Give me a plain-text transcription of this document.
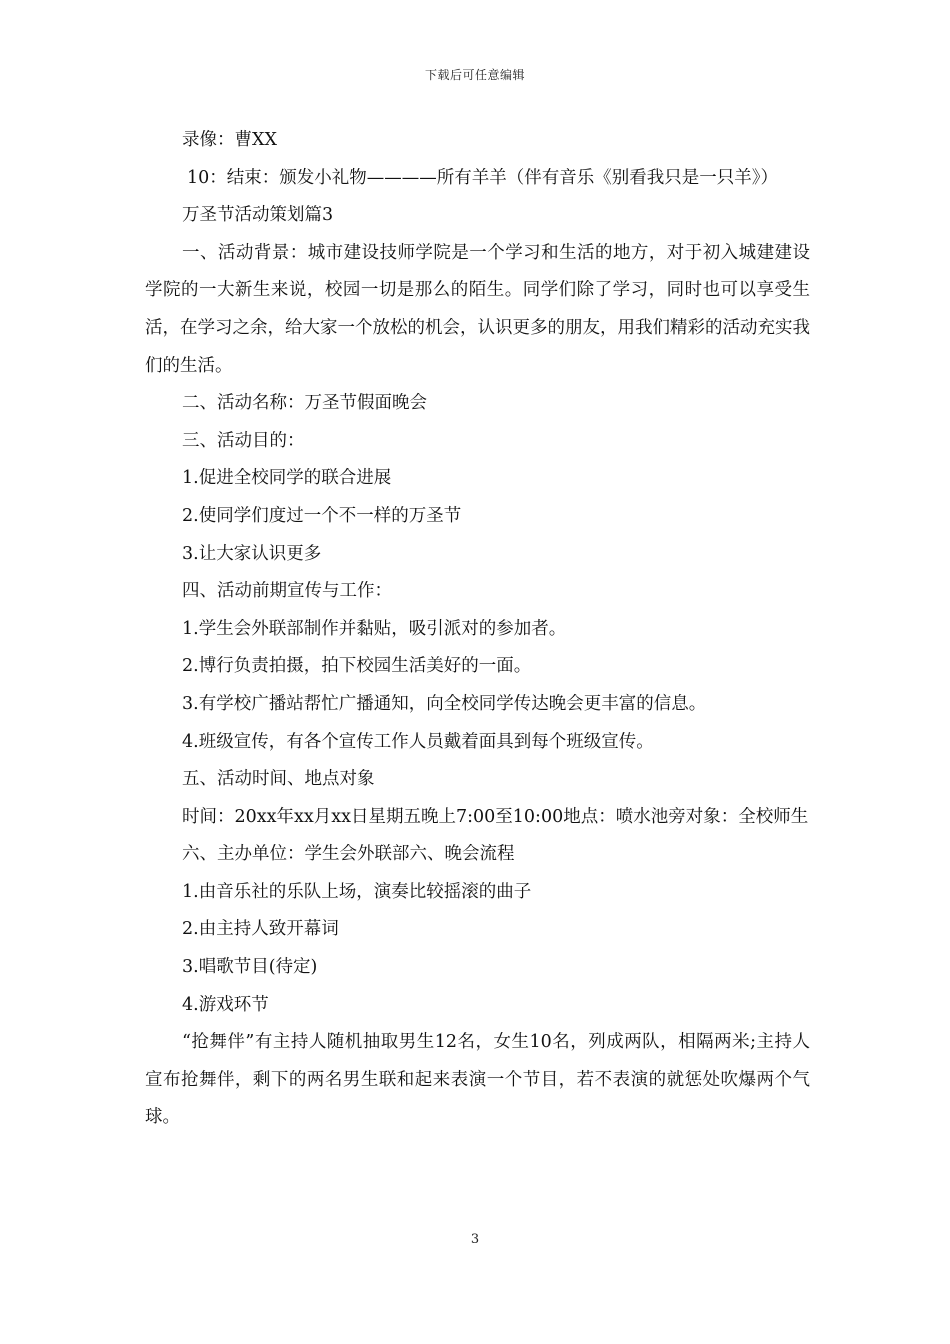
下载后可任意编辑

录像：曹XX

10：结束：颁发小礼物————所有羊羊（伴有音乐《别看我只是一只羊》）

万圣节活动策划篇3

一、活动背景：城市建设技师学院是一个学习和生活的地方，对于初入城建建设学院的一大新生来说，校园一切是那么的陌生。同学们除了学习，同时也可以享受生活，在学习之余，给大家一个放松的机会，认识更多的朋友，用我们精彩的活动充实我们的生活。

二、活动名称：万圣节假面晚会

三、活动目的：

1.促进全校同学的联合进展

2.使同学们度过一个不一样的万圣节

3.让大家认识更多

四、活动前期宣传与工作：

1.学生会外联部制作并黏贴，吸引派对的参加者。

2.博行负责拍摄，拍下校园生活美好的一面。

3.有学校广播站帮忙广播通知，向全校同学传达晚会更丰富的信息。

4.班级宣传，有各个宣传工作人员戴着面具到每个班级宣传。

五、活动时间、地点对象

时间：20xx年xx月xx日星期五晚上7:00至10:00地点：喷水池旁对象：全校师生

六、主办单位：学生会外联部六、晚会流程

1.由音乐社的乐队上场，演奏比较摇滚的曲子

2.由主持人致开幕词

3.唱歌节目(待定)

4.游戏环节

“抢舞伴”有主持人随机抽取男生12名，女生10名，列成两队，相隔两米;主持人宣布抢舞伴，剩下的两名男生联和起来表演一个节目，若不表演的就惩处吹爆两个气球。

3
